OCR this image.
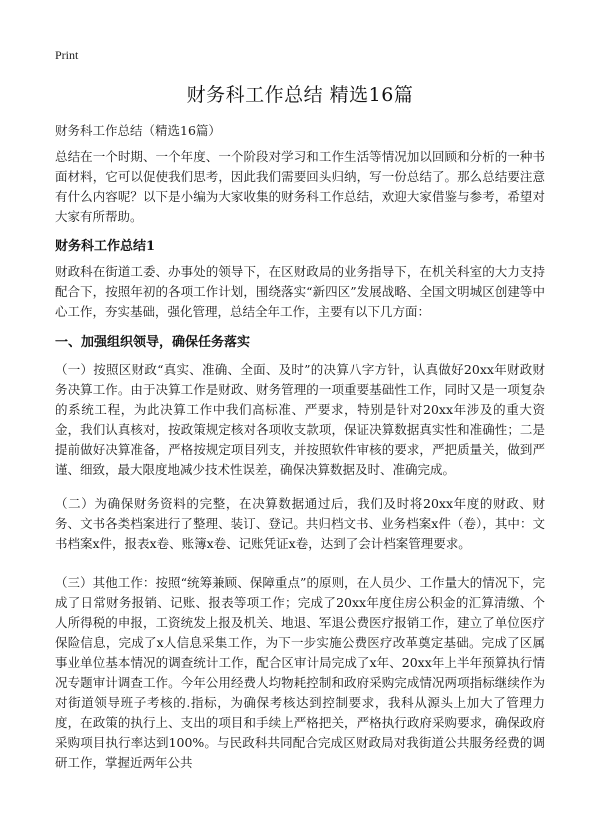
Print
财务科工作总结 精选16篇
财务科工作总结（精选16篇）

总结在一个时期、一个年度、一个阶段对学习和工作生活等情况加以回顾和分析的一种书面材料，它可以促使我们思考，因此我们需要回头归纳，写一份总结了。那么总结要注意有什么内容呢？以下是小编为大家收集的财务科工作总结，欢迎大家借鉴与参考，希望对大家有所帮助。

财务科工作总结1

财政科在街道工委、办事处的领导下，在区财政局的业务指导下，在机关科室的大力支持配合下，按照年初的各项工作计划，围绕落实“新四区”发展战略、全国文明城区创建等中心工作，夯实基础，强化管理，总结全年工作，主要有以下几方面：

一、加强组织领导，确保任务落实

（一）按照区财政“真实、准确、全面、及时”的决算八字方针，认真做好20xx年财政财务决算工作。由于决算工作是财政、财务管理的一项重要基础性工作，同时又是一项复杂的系统工程，为此决算工作中我们高标准、严要求，特别是针对20xx年涉及的重大资金，我们认真核对，按政策规定核对各项收支款项，保证决算数据真实性和准确性；二是提前做好决算准备，严格按规定项目列支，并按照软件审核的要求，严把质量关，做到严谨、细致，最大限度地减少技术性误差，确保决算数据及时、准确完成。

（二）为确保财务资料的完整，在决算数据通过后，我们及时将20xx年度的财政、财务、文书各类档案进行了整理、装订、登记。共归档文书、业务档案x件（卷），其中：文书档案x件，报表x卷、账簿x卷、记账凭证x卷，达到了会计档案管理要求。

（三）其他工作：按照“统筹兼顾、保障重点”的原则，在人员少、工作量大的情况下，完成了日常财务报销、记账、报表等项工作；完成了20xx年度住房公积金的汇算清缴、个人所得税的申报，工资统发上报及机关、地退、军退公费医疗报销工作，建立了单位医疗保险信息，完成了x人信息采集工作，为下一步实施公费医疗改革奠定基础。完成了区属事业单位基本情况的调查统计工作，配合区审计局完成了x年、20xx年上半年预算执行情况专题审计调查工作。今年公用经费人均物耗控制和政府采购完成情况两项指标继续作为对街道领导班子考核的.指标，为确保考核达到控制要求，我科从源头上加大了管理力度，在政策的执行上、支出的项目和手续上严格把关，严格执行政府采购要求，确保政府采购项目执行率达到100%。与民政科共同配合完成区财政局对我街道公共服务经费的调研工作，掌握近两年公共
